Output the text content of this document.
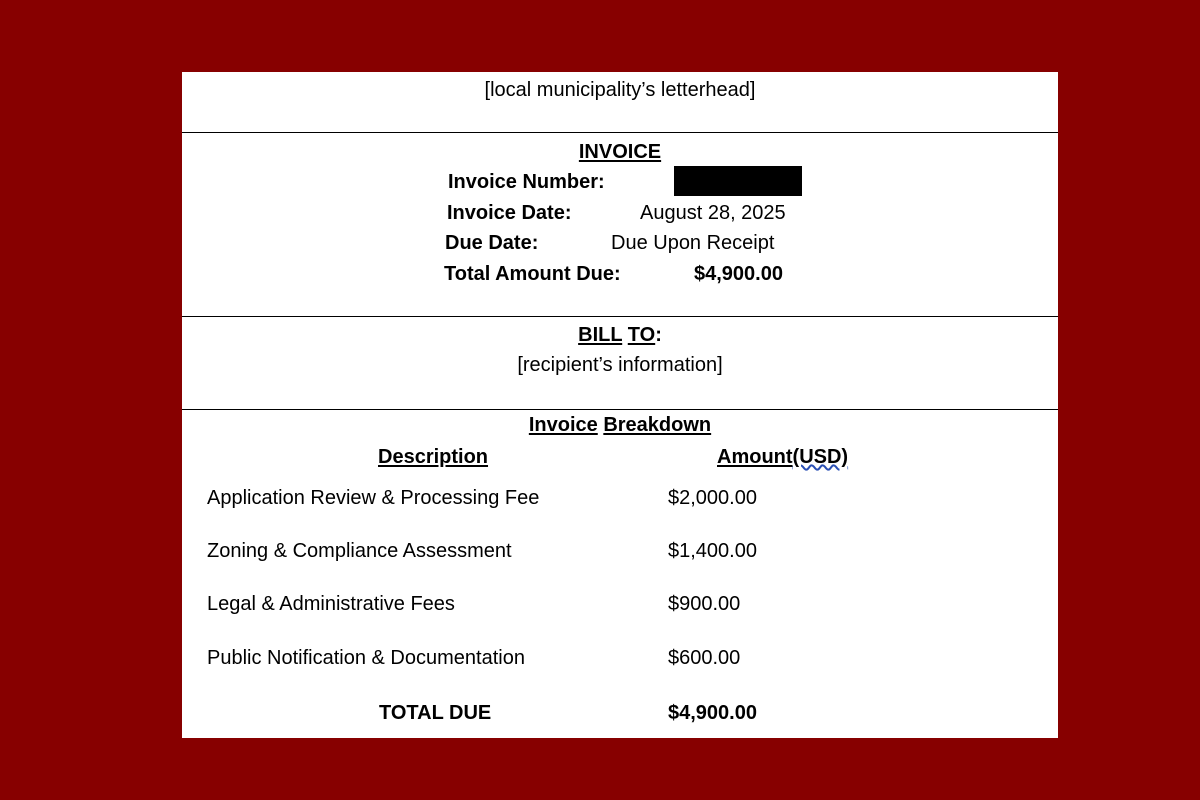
[local municipality’s letterhead]
INVOICE
Invoice Number:
Invoice Date:	August 28, 2025
Due Date:	Due Upon Receipt
Total Amount Due:	$4,900.00
BILL TO:
[recipient’s information]
Invoice Breakdown
Description	Amount(USD)
Application Review & Processing Fee	$2,000.00
Zoning & Compliance Assessment	$1,400.00
Legal & Administrative Fees	$900.00
Public Notification & Documentation	$600.00
TOTAL DUE	$4,900.00
